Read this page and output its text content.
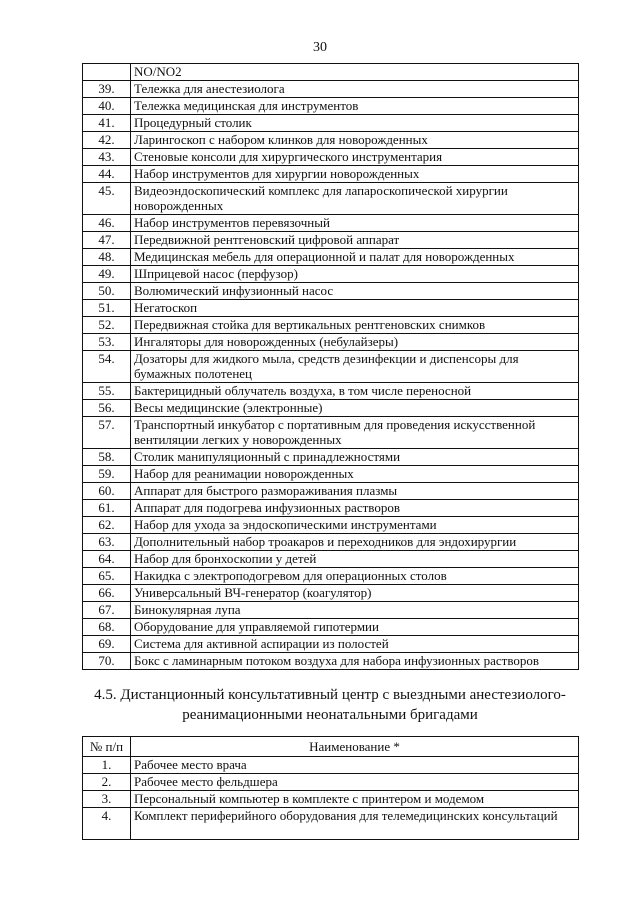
30
	NO/NO2
39.	Тележка для анестезиолога
40.	Тележка медицинская для инструментов
41.	Процедурный столик
42.	Ларингоскоп с набором клинков для новорожденных
43.	Стеновые консоли для хирургического инструментария
44.	Набор инструментов для хирургии новорожденных
45.	Видеоэндоскопический комплекс для лапароскопической хирургии новорожденных
46.	Набор инструментов перевязочный
47.	Передвижной рентгеновский цифровой аппарат
48.	Медицинская мебель для операционной и палат для новорожденных
49.	Шприцевой насос (перфузор)
50.	Волюмический инфузионный насос
51.	Негатоскоп
52.	Передвижная стойка для вертикальных рентгеновских снимков
53.	Ингаляторы для новорожденных (небулайзеры)
54.	Дозаторы для жидкого мыла, средств дезинфекции и диспенсоры для бумажных полотенец
55.	Бактерицидный облучатель воздуха, в том числе переносной
56.	Весы медицинские (электронные)
57.	Транспортный инкубатор с портативным для проведения искусственной вентиляции легких у новорожденных
58.	Столик манипуляционный с принадлежностями
59.	Набор для реанимации новорожденных
60.	Аппарат для быстрого размораживания плазмы
61.	Аппарат для подогрева инфузионных растворов
62.	Набор для ухода за эндоскопическими инструментами
63.	Дополнительный набор троакаров и переходников для эндохирургии
64.	Набор для бронхоскопии у детей
65.	Накидка с электроподогревом для операционных столов
66.	Универсальный ВЧ-генератор (коагулятор)
67.	Бинокулярная лупа
68.	Оборудование для управляемой гипотермии
69.	Система для активной аспирации из полостей
70.	Бокс с ламинарным потоком воздуха для набора инфузионных растворов
4.5. Дистанционный консультативный центр с выездными анестезиолого-реанимационными неонатальными бригадами
№ п/п	Наименование *
1.	Рабочее место врача
2.	Рабочее место фельдшера
3.	Персональный компьютер в комплекте с принтером и модемом
4.	Комплект периферийного оборудования для телемедицинских консультаций
